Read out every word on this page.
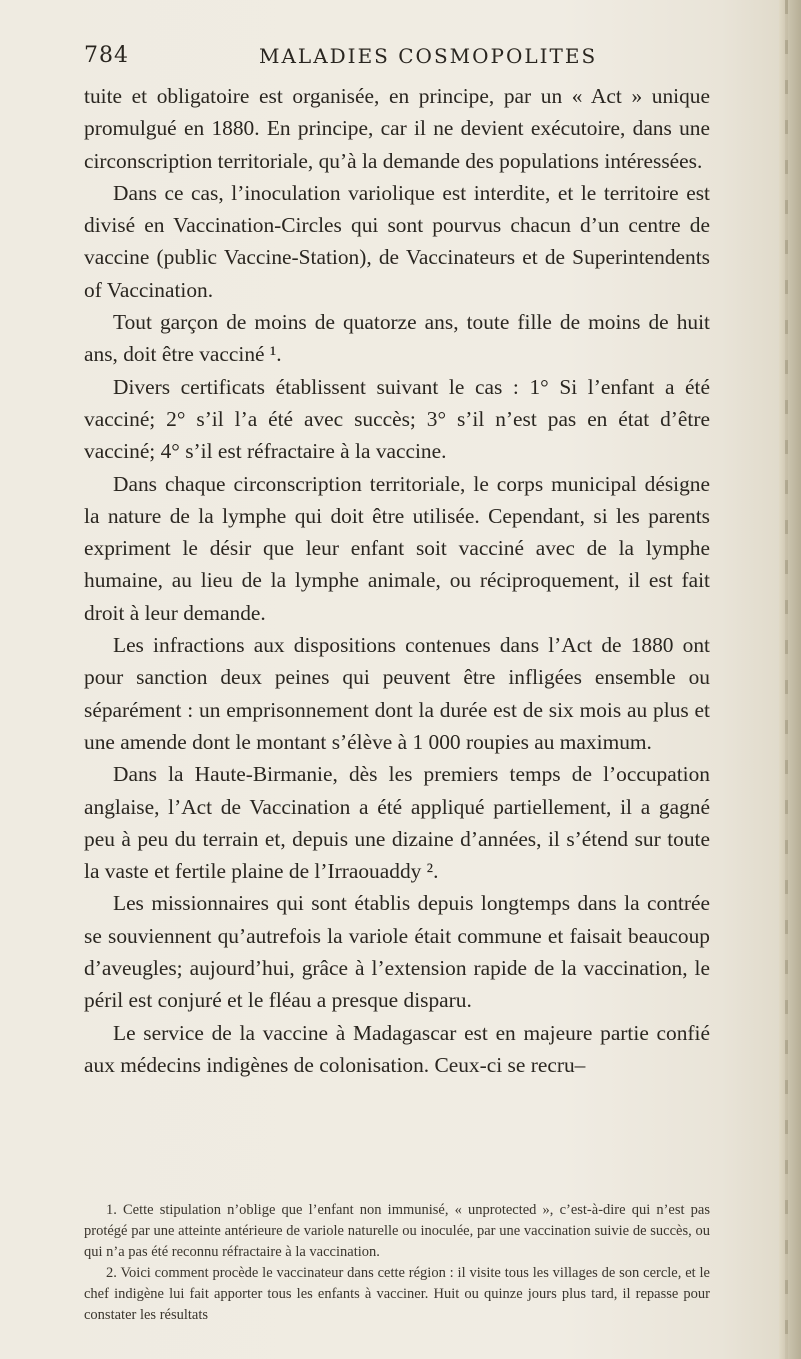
784	MALADIES COSMOPOLITES

tuite et obligatoire est organisée, en principe, par un « Act » unique promulgué en 1880. En principe, car il ne devient exécutoire, dans une circonscription territoriale, qu’à la demande des populations intéressées.

Dans ce cas, l’inoculation variolique est interdite, et le territoire est divisé en Vaccination-Circles qui sont pourvus chacun d’un centre de vaccine (public Vaccine-Station), de Vaccinateurs et de Superintendents of Vaccination.

Tout garçon de moins de quatorze ans, toute fille de moins de huit ans, doit être vacciné ¹.

Divers certificats établissent suivant le cas : 1° Si l’enfant a été vacciné; 2° s’il l’a été avec succès; 3° s’il n’est pas en état d’être vacciné; 4° s’il est réfractaire à la vaccine.

Dans chaque circonscription territoriale, le corps municipal désigne la nature de la lymphe qui doit être utilisée. Cependant, si les parents expriment le désir que leur enfant soit vacciné avec de la lymphe humaine, au lieu de la lymphe animale, ou réciproquement, il est fait droit à leur demande.

Les infractions aux dispositions contenues dans l’Act de 1880 ont pour sanction deux peines qui peuvent être infligées ensemble ou séparément : un emprisonnement dont la durée est de six mois au plus et une amende dont le montant s’élève à 1 000 roupies au maximum.

Dans la Haute-Birmanie, dès les premiers temps de l’occupation anglaise, l’Act de Vaccination a été appliqué partiellement, il a gagné peu à peu du terrain et, depuis une dizaine d’années, il s’étend sur toute la vaste et fertile plaine de l’Irraouaddy ².

Les missionnaires qui sont établis depuis longtemps dans la contrée se souviennent qu’autrefois la variole était commune et faisait beaucoup d’aveugles; aujourd’hui, grâce à l’extension rapide de la vaccination, le péril est conjuré et le fléau a presque disparu.

Le service de la vaccine à Madagascar est en majeure partie confié aux médecins indigènes de colonisation. Ceux-ci se recru–

1. Cette stipulation n’oblige que l’enfant non immunisé, « unprotected », c’est-à-dire qui n’est pas protégé par une atteinte antérieure de variole naturelle ou inoculée, par une vaccination suivie de succès, ou qui n’a pas été reconnu réfractaire à la vaccination.

2. Voici comment procède le vaccinateur dans cette région : il visite tous les villages de son cercle, et le chef indigène lui fait apporter tous les enfants à vacciner. Huit ou quinze jours plus tard, il repasse pour constater les résultats
